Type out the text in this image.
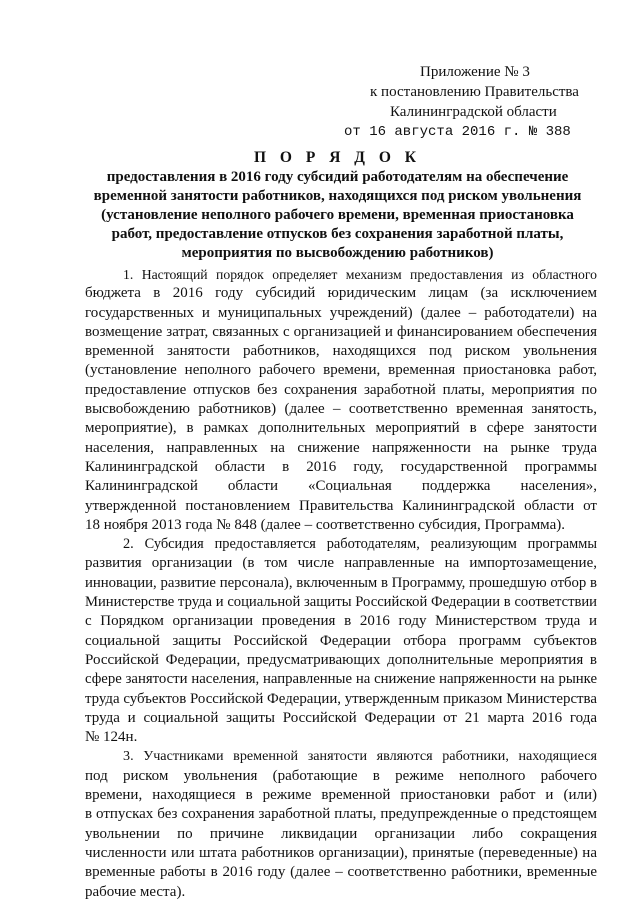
Приложение № 3
к постановлению Правительства
Калининградской области
от 16 августа 2016 г. № 388
П О Р Я Д О К
предоставления в 2016 году субсидий работодателям на обеспечение
временной занятости работников, находящихся под риском увольнения
(установление неполного рабочего времени, временная приостановка
работ, предоставление отпусков без сохранения заработной платы,
мероприятия по высвобождению работников)
1. Настоящий порядок определяет механизм предоставления из областного
бюджета в 2016 году субсидий юридическим лицам (за исключением
государственных и муниципальных учреждений) (далее – работодатели) на
возмещение затрат, связанных с организацией и финансированием обеспечения
временной занятости работников, находящихся под риском увольнения
(установление неполного рабочего времени, временная приостановка работ,
предоставление отпусков без сохранения заработной платы, мероприятия по
высвобождению работников) (далее – соответственно временная занятость,
мероприятие), в рамках дополнительных мероприятий в сфере занятости
населения, направленных на снижение напряженности на рынке труда
Калининградской области в 2016 году, государственной программы
Калининградской области «Социальная поддержка населения»,
утвержденной постановлением Правительства Калининградской области от
18 ноября 2013 года № 848 (далее – соответственно субсидия, Программа).
2. Субсидия предоставляется работодателям, реализующим программы
развития организации (в том числе направленные на импортозамещение,
инновации, развитие персонала), включенным в Программу, прошедшую отбор в
Министерстве труда и социальной защиты Российской Федерации в соответствии
с Порядком организации проведения в 2016 году Министерством труда и
социальной защиты Российской Федерации отбора программ субъектов
Российской Федерации, предусматривающих дополнительные мероприятия в
сфере занятости населения, направленные на снижение напряженности на рынке
труда субъектов Российской Федерации, утвержденным приказом Министерства
труда и социальной защиты Российской Федерации от 21 марта 2016 года
№ 124н.
3. Участниками временной занятости являются работники, находящиеся
под риском увольнения (работающие в режиме неполного рабочего
времени, находящиеся в режиме временной приостановки работ и (или)
в отпусках без сохранения заработной платы, предупрежденные о предстоящем
увольнении по причине ликвидации организации либо сокращения
численности или штата работников организации), принятые (переведенные) на
временные работы в 2016 году (далее – соответственно работники, временные
рабочие места).
